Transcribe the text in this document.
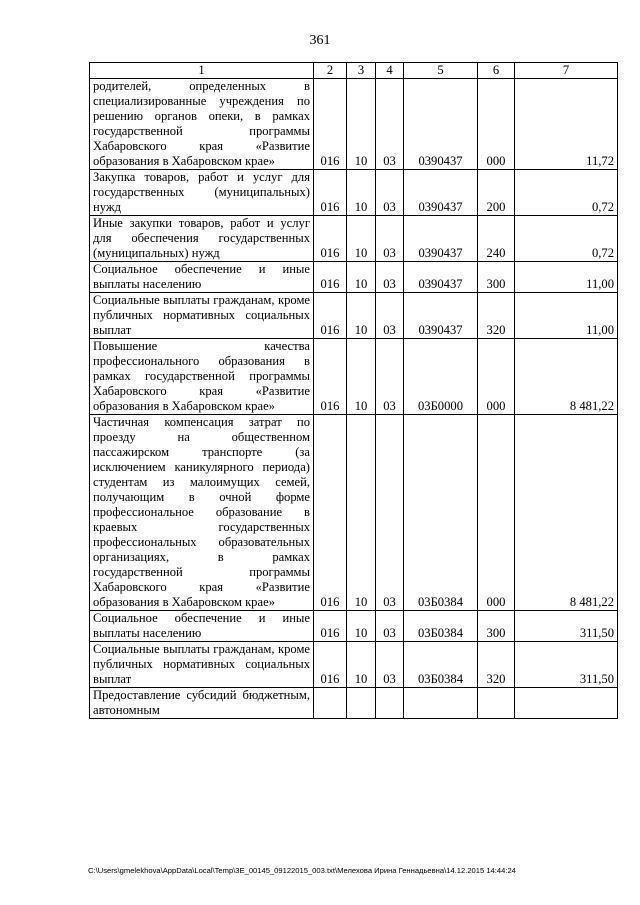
361
1	2	3	4	5	6	7
родителей, определенных в специализированные учреждения по решению органов опеки, в рамках государственной программы Хабаровского края «Развитие образования в Хабаровском крае»	016	10	03	0390437	000	11,72
Закупка товаров, работ и услуг для государственных (муниципальных) нужд	016	10	03	0390437	200	0,72
Иные закупки товаров, работ и услуг для обеспечения государственных (муниципальных) нужд	016	10	03	0390437	240	0,72
Социальное обеспечение и иные выплаты населению	016	10	03	0390437	300	11,00
Социальные выплаты гражданам, кроме публичных нормативных социальных выплат	016	10	03	0390437	320	11,00
Повышение качества профессионального образования в рамках государственной программы Хабаровского края «Развитие образования в Хабаровском крае»	016	10	03	03Б0000	000	8 481,22
Частичная компенсация затрат по проезду на общественном пассажирском транспорте (за исключением каникулярного периода) студентам из малоимущих семей, получающим в очной форме профессиональное образование в краевых государственных профессиональных образовательных организациях, в рамках государственной программы Хабаровского края «Развитие образования в Хабаровском крае»	016	10	03	03Б0384	000	8 481,22
Социальное обеспечение и иные выплаты населению	016	10	03	03Б0384	300	311,50
Социальные выплаты гражданам, кроме публичных нормативных социальных выплат	016	10	03	03Б0384	320	311,50
Предоставление субсидий бюджетным, автономным						
C:\Users\gmelekhova\AppData\Local\Temp\3E_00145_09122015_003.txt\Мелехова Ирина Геннадьевна\14.12.2015 14:44:24
